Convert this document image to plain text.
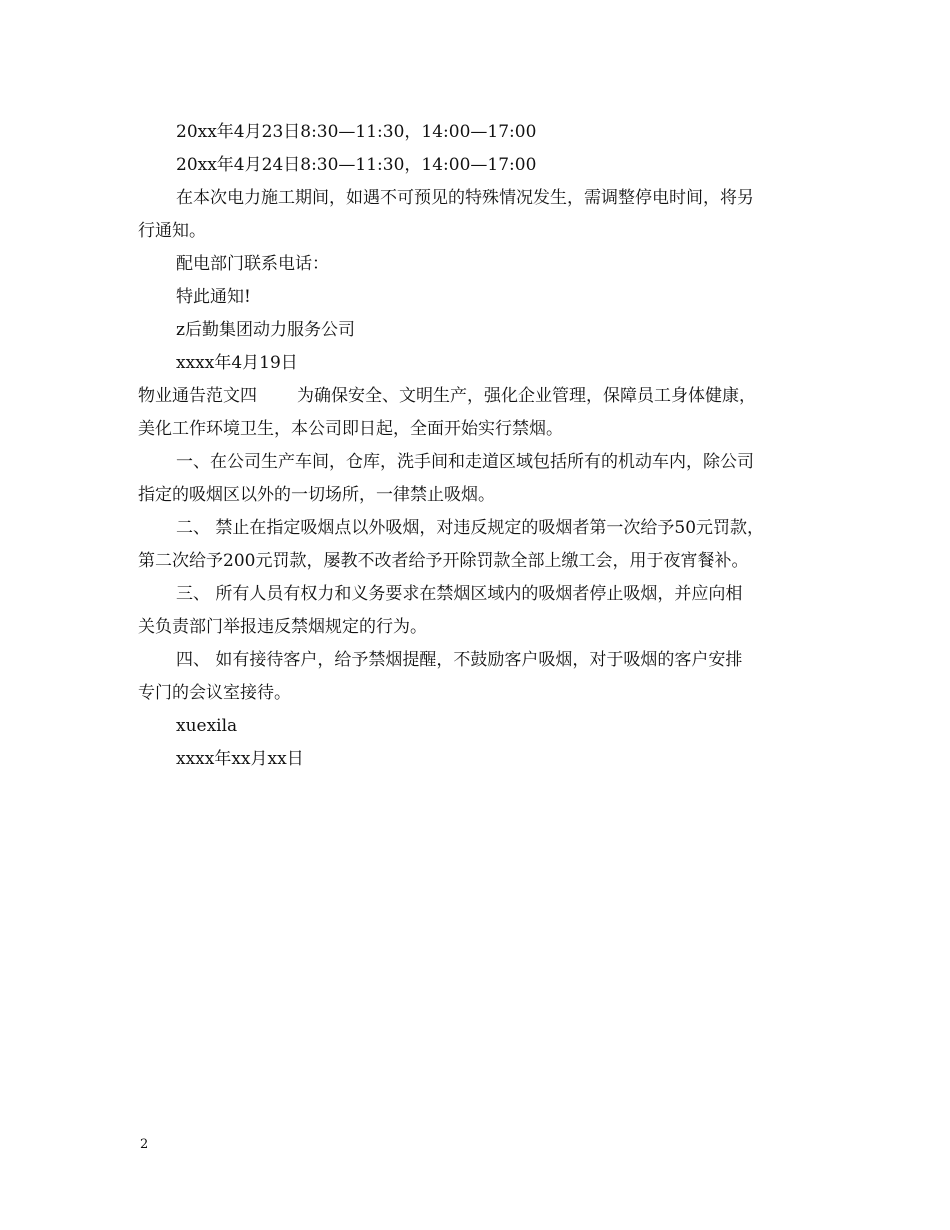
20xx年4月23日8:30—11:30，14:00—17:00
20xx年4月24日8:30—11:30，14:00—17:00
在本次电力施工期间，如遇不可预见的特殊情况发生，需调整停电时间，将另
行通知。
配电部门联系电话：
特此通知!
z后勤集团动力服务公司
xxxx年4月19日
物业通告范文四 为确保安全、文明生产，强化企业管理，保障员工身体健康，
美化工作环境卫生，本公司即日起，全面开始实行禁烟。
一、在公司生产车间，仓库，洗手间和走道区域包括所有的机动车内，除公司
指定的吸烟区以外的一切场所，一律禁止吸烟。
二、 禁止在指定吸烟点以外吸烟，对违反规定的吸烟者第一次给予50元罚款，
第二次给予200元罚款，屡教不改者给予开除罚款全部上缴工会，用于夜宵餐补。
三、 所有人员有权力和义务要求在禁烟区域内的吸烟者停止吸烟，并应向相
关负责部门举报违反禁烟规定的行为。
四、 如有接待客户，给予禁烟提醒，不鼓励客户吸烟，对于吸烟的客户安排
专门的会议室接待。
xuexila
xxxx年xx月xx日
2
